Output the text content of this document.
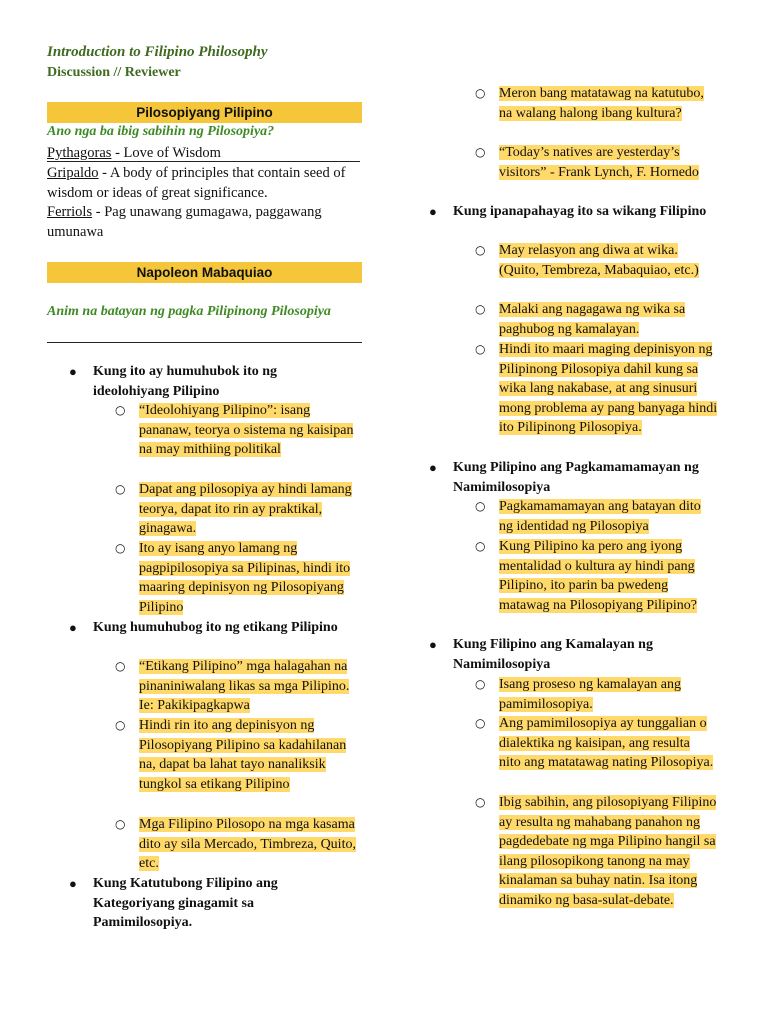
Introduction to Filipino Philosophy
Discussion // Reviewer
Pilosopiyang Pilipino
Ano nga ba ibig sabihin ng Pilosopiya?
Pythagoras - Love of Wisdom
Gripaldo - A body of principles that contain seed of wisdom or ideas of great significance.
Ferriols - Pag unawang gumagawa, paggawang umunawa
Napoleon Mabaquiao
Anim na batayan ng pagka Pilipinong Pilosopiya
● Kung ito ay humuhubok ito ng ideolohiyang Pilipino
○ “Ideolohiyang Pilipino”: isang pananaw, teorya o sistema ng kaisipan na may mithiing politikal
○ Dapat ang pilosopiya ay hindi lamang teorya, dapat ito rin ay praktikal, ginagawa.
○ Ito ay isang anyo lamang ng pagpipilosopiya sa Pilipinas, hindi ito maaring depinisyon ng Pilosopiyang Pilipino
● Kung humuhubog ito ng etikang Pilipino
○ “Etikang Pilipino” mga halagahan na pinaniniwalang likas sa mga Pilipino. Ie: Pakikipagkapwa
○ Hindi rin ito ang depinisyon ng Pilosopiyang Pilipino sa kadahilanan na, dapat ba lahat tayo nanaliksik tungkol sa etikang Pilipino
○ Mga Filipino Pilosopo na mga kasama dito ay sila Mercado, Timbreza, Quito, etc.
● Kung Katutubong Filipino ang Kategoriyang ginagamit sa Pamimilosopiya.
○ Meron bang matatawag na katutubo, na walang halong ibang kultura?
○ “Today’s natives are yesterday’s visitors” - Frank Lynch, F. Hornedo
● Kung ipanapahayag ito sa wikang Filipino
○ May relasyon ang diwa at wika. (Quito, Tembreza, Mabaquiao, etc.)
○ Malaki ang nagagawa ng wika sa paghubog ng kamalayan.
○ Hindi ito maari maging depinisyon ng Pilipinong Pilosopiya dahil kung sa wika lang nakabase, at ang sinusuri mong problema ay pang banyaga hindi ito Pilipinong Pilosopiya.
● Kung Pilipino ang Pagkamamamayan ng Namimilosopiya
○ Pagkamamamayan ang batayan dito ng identidad ng Pilosopiya
○ Kung Pilipino ka pero ang iyong mentalidad o kultura ay hindi pang Pilipino, ito parin ba pwedeng matawag na Pilosopiyang Pilipino?
● Kung Filipino ang Kamalayan ng Namimilosopiya
○ Isang proseso ng kamalayan ang pamimilosopiya.
○ Ang pamimilosopiya ay tunggalian o dialektika ng kaisipan, ang resulta nito ang matatawag nating Pilosopiya.
○ Ibig sabihin, ang pilosopiyang Filipino ay resulta ng mahabang panahon ng pagdedebate ng mga Pilipino hangil sa ilang pilosopikong tanong na may kinalaman sa buhay natin. Isa itong dinamiko ng basa-sulat-debate.
